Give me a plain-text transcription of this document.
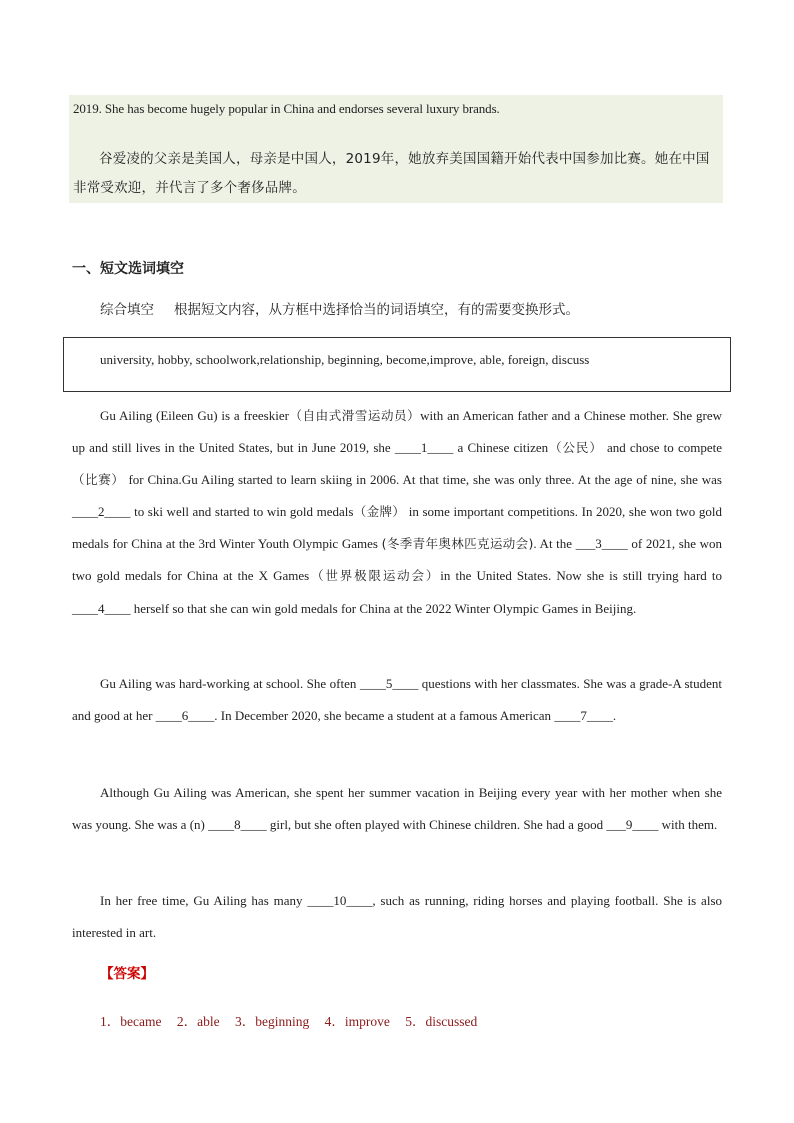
2019. She has become hugely popular in China and endorses several luxury brands.
谷爱凌的父亲是美国人，母亲是中国人，2019年，她放弃美国国籍开始代表中国参加比赛。她在中国非常受欢迎，并代言了多个奢侈品牌。
一、短文选词填空
综合填空 根据短文内容，从方框中选择恰当的词语填空，有的需要变换形式。
university, hobby, schoolwork,relationship, beginning, become,improve, able, foreign, discuss
Gu Ailing (Eileen Gu) is a freeskier（自由式滑雪运动员）with an American father and a Chinese mother. She grew up and still lives in the United States, but in June 2019, she ____1____ a Chinese citizen（公民） and chose to compete（比赛） for China.Gu Ailing started to learn skiing in 2006. At that time, she was only three. At the age of nine, she was ____2____ to ski well and started to win gold medals（金牌） in some important competitions. In 2020, she won two gold medals for China at the 3rd Winter Youth Olympic Games (冬季青年奥林匹克运动会). At the ___3____ of 2021, she won two gold medals for China at the X Games（世界极限运动会）in the United States. Now she is still trying hard to ____4____ herself so that she can win gold medals for China at the 2022 Winter Olympic Games in Beijing.
Gu Ailing was hard-working at school. She often ____5____ questions with her classmates. She was a grade-A student and good at her ____6____. In December 2020, she became a student at a famous American ____7____.
Although Gu Ailing was American, she spent her summer vacation in Beijing every year with her mother when she was young. She was a (n) ____8____ girl, but she often played with Chinese children. She had a good ___9____ with them.
In her free time, Gu Ailing has many ____10____, such as running, riding horses and playing football. She is also interested in art.
【答案】
1．became 2．able 3．beginning 4．improve 5．discussed
